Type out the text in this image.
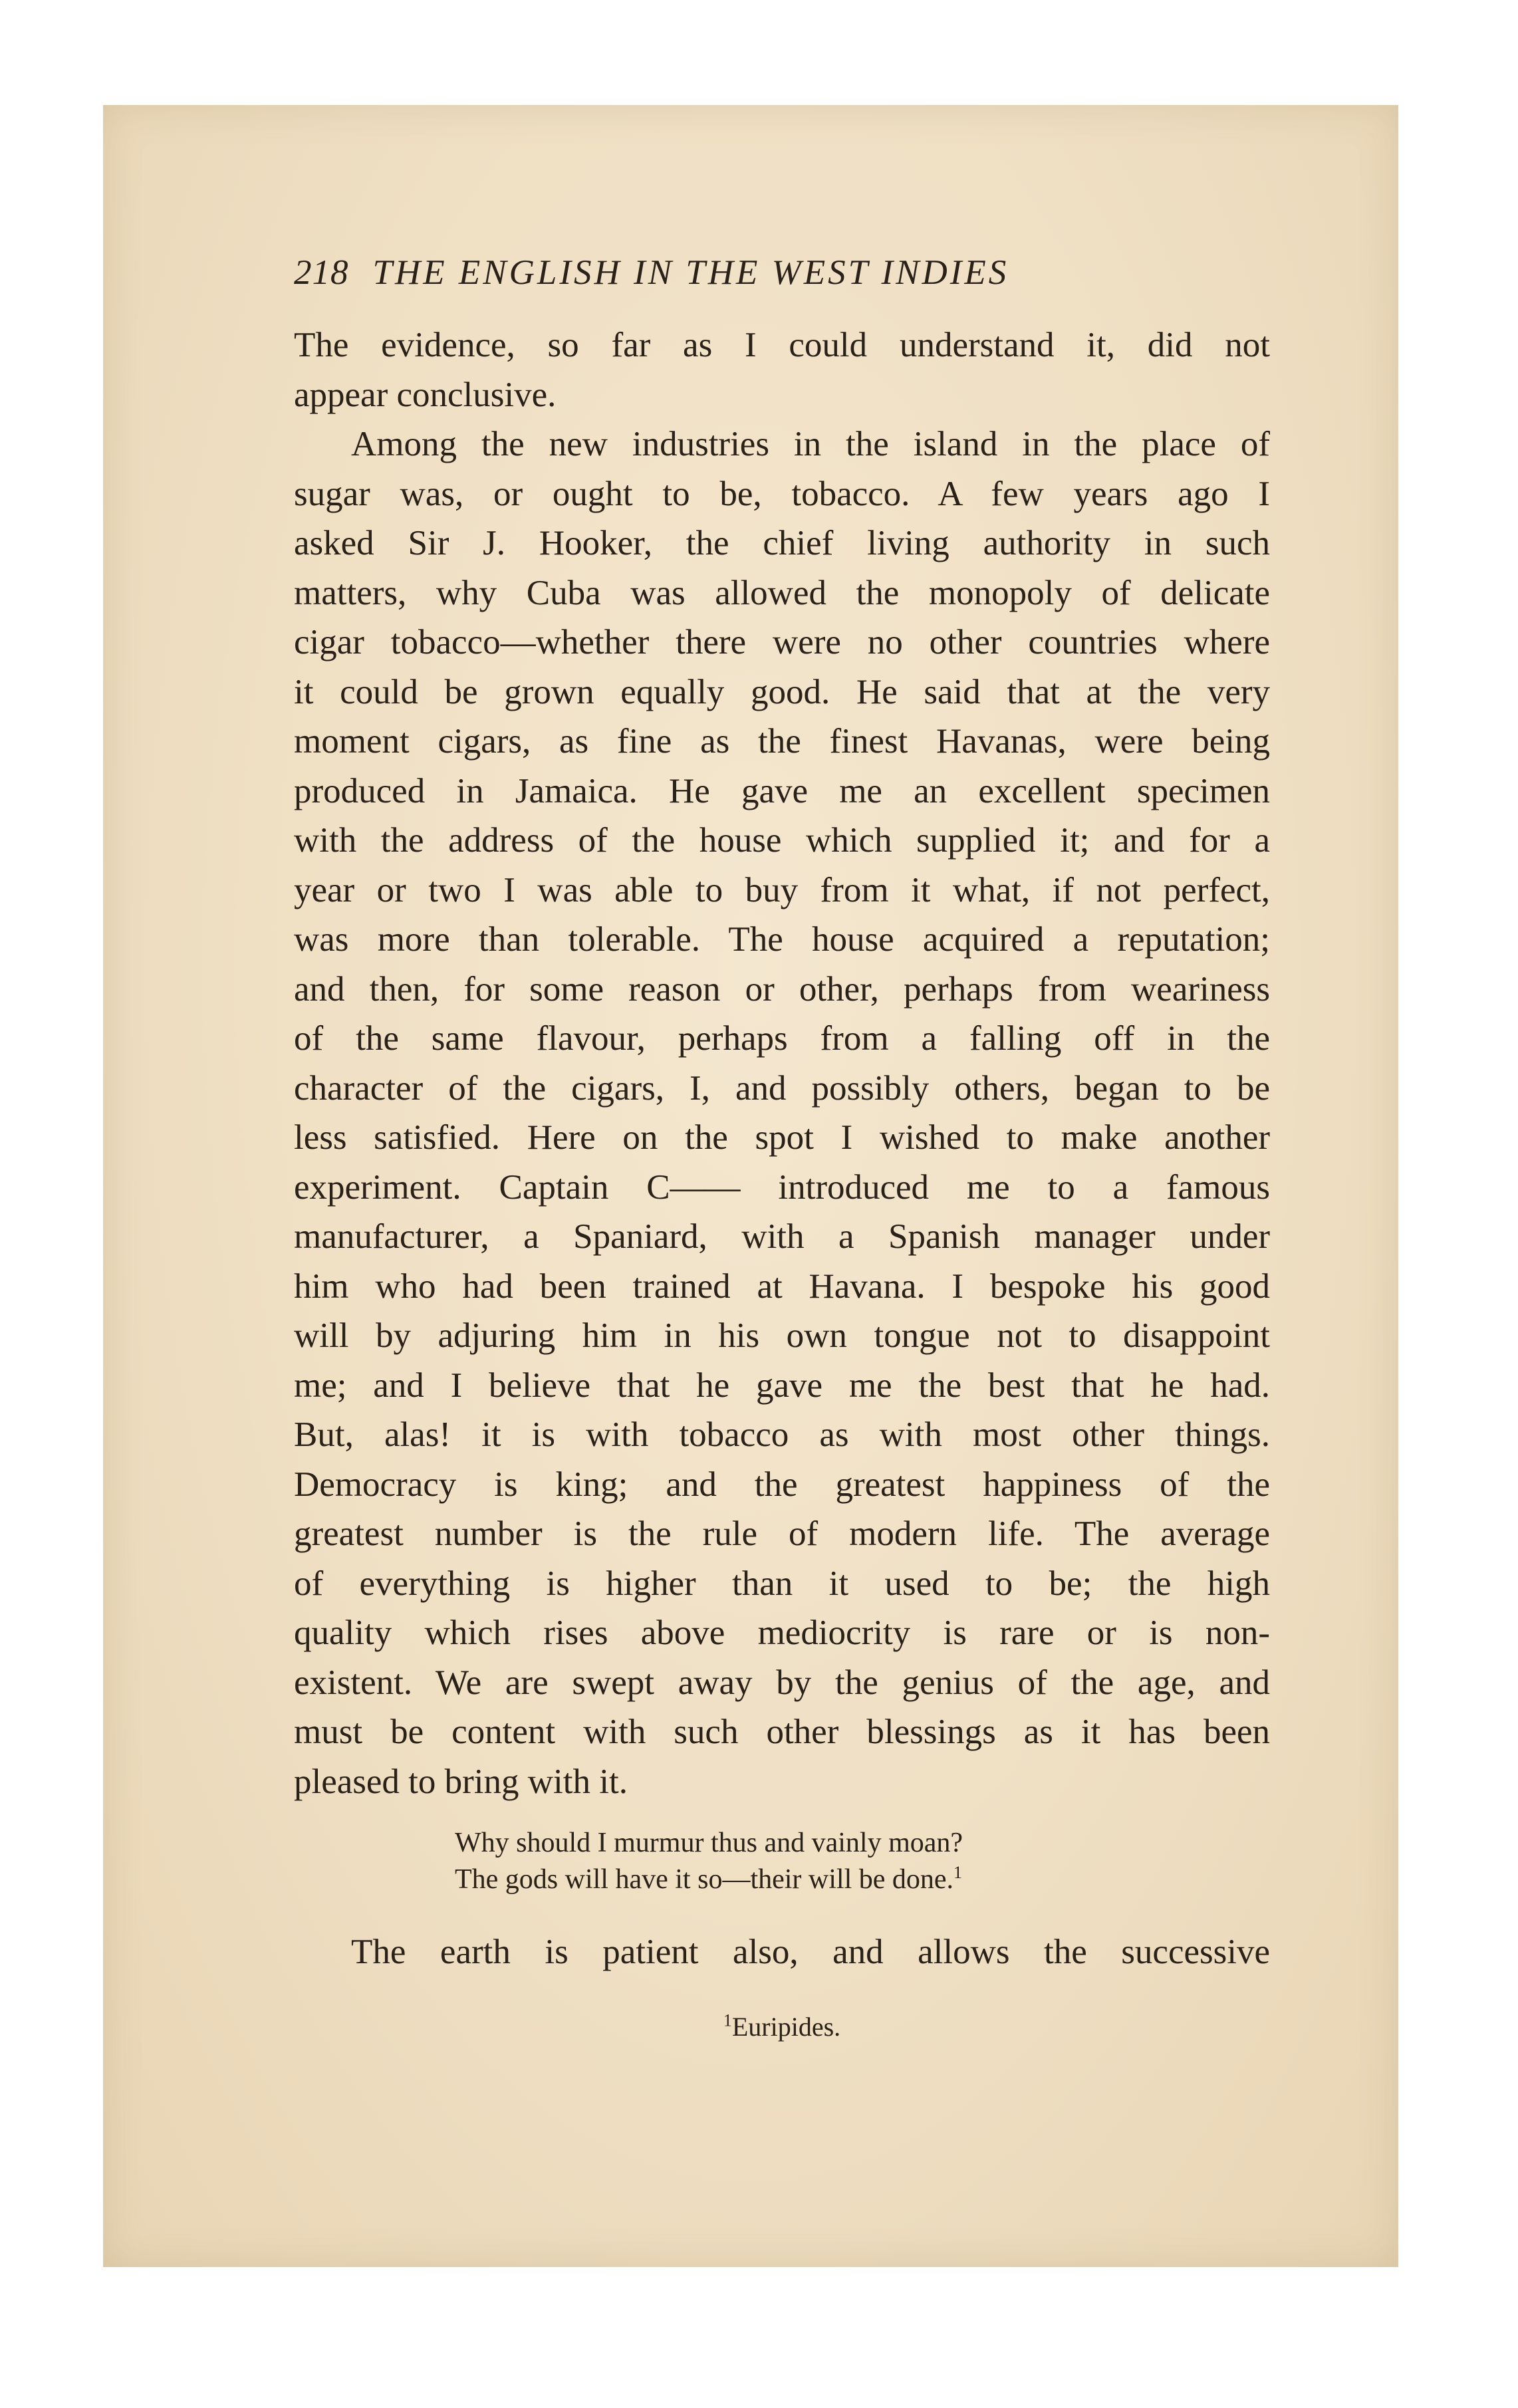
218 THE ENGLISH IN THE WEST INDIES
The evidence, so far as I could understand it, did not
appear conclusive.
Among the new industries in the island in the place of
sugar was, or ought to be, tobacco. A few years ago I
asked Sir J. Hooker, the chief living authority in such
matters, why Cuba was allowed the monopoly of delicate
cigar tobacco—whether there were no other countries where
it could be grown equally good. He said that at the very
moment cigars, as fine as the finest Havanas, were being
produced in Jamaica. He gave me an excellent specimen
with the address of the house which supplied it; and for a
year or two I was able to buy from it what, if not perfect,
was more than tolerable. The house acquired a reputation;
and then, for some reason or other, perhaps from weariness
of the same flavour, perhaps from a falling off in the
character of the cigars, I, and possibly others, began to be
less satisfied. Here on the spot I wished to make another
experiment. Captain C—— introduced me to a famous
manufacturer, a Spaniard, with a Spanish manager under
him who had been trained at Havana. I bespoke his good
will by adjuring him in his own tongue not to disappoint
me; and I believe that he gave me the best that he had.
But, alas! it is with tobacco as with most other things.
Democracy is king; and the greatest happiness of the
greatest number is the rule of modern life. The average
of everything is higher than it used to be; the high
quality which rises above mediocrity is rare or is non-
existent. We are swept away by the genius of the age, and
must be content with such other blessings as it has been
pleased to bring with it.
Why should I murmur thus and vainly moan?
The gods will have it so—their will be done.$^1$
The earth is patient also, and allows the successive
$^1$Euripides.
